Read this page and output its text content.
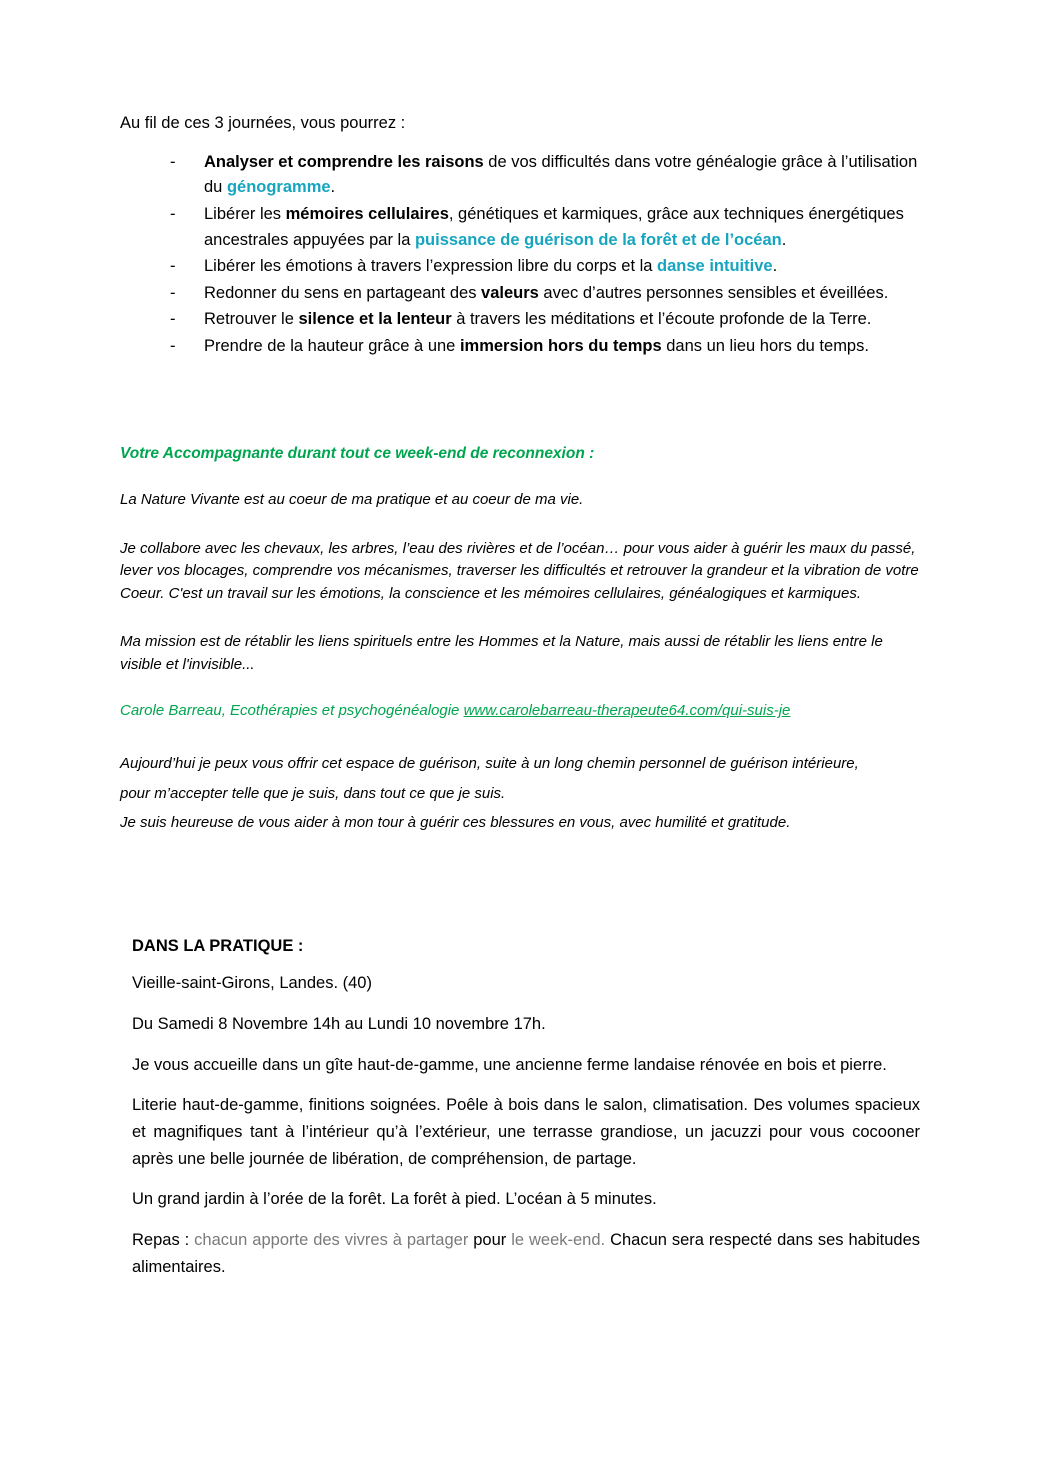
Au fil de ces 3 journées, vous pourrez :

- Analyser et comprendre les raisons de vos difficultés dans votre généalogie grâce à l’utilisation du génogramme.
- Libérer les mémoires cellulaires, génétiques et karmiques, grâce aux techniques énergétiques ancestrales appuyées par la puissance de guérison de la forêt et de l’océan.
- Libérer les émotions à travers l’expression libre du corps et la danse intuitive.
- Redonner du sens en partageant des valeurs avec d’autres personnes sensibles et éveillées.
- Retrouver le silence et la lenteur à travers les méditations et l’écoute profonde de la Terre.
- Prendre de la hauteur grâce à une immersion hors du temps dans un lieu hors du temps.

Votre Accompagnante durant tout ce week-end de reconnexion :

La Nature Vivante est au coeur de ma pratique et au coeur de ma vie.

Je collabore avec les chevaux, les arbres, l’eau des rivières et de l’océan… pour vous aider à guérir les maux du passé, lever vos blocages, comprendre vos mécanismes, traverser les difficultés et retrouver la grandeur et la vibration de votre Coeur. C'est un travail sur les émotions, la conscience et les mémoires cellulaires, généalogiques et karmiques.

Ma mission est de rétablir les liens spirituels entre les Hommes et la Nature, mais aussi de rétablir les liens entre le visible et l'invisible...

Carole Barreau, Ecothérapies et psychogénéalogie www.carolebarreau-therapeute64.com/qui-suis-je

Aujourd’hui je peux vous offrir cet espace de guérison, suite à un long chemin personnel de guérison intérieure,
pour m’accepter telle que je suis, dans tout ce que je suis.
Je suis heureuse de vous aider à mon tour à guérir ces blessures en vous, avec humilité et gratitude.

DANS LA PRATIQUE :

Vieille-saint-Girons, Landes. (40)

Du Samedi 8 Novembre 14h au Lundi 10 novembre 17h.

Je vous accueille dans un gîte haut-de-gamme, une ancienne ferme landaise rénovée en bois et pierre.

Literie haut-de-gamme, finitions soignées. Poêle à bois dans le salon, climatisation. Des volumes spacieux et magnifiques tant à l’intérieur qu’à l’extérieur, une terrasse grandiose, un jacuzzi pour vous cocooner après une belle journée de libération, de compréhension, de partage.

Un grand jardin à l’orée de la forêt. La forêt à pied. L’océan à 5 minutes.

Repas : chacun apporte des vivres à partager pour le week-end. Chacun sera respecté dans ses habitudes alimentaires.
